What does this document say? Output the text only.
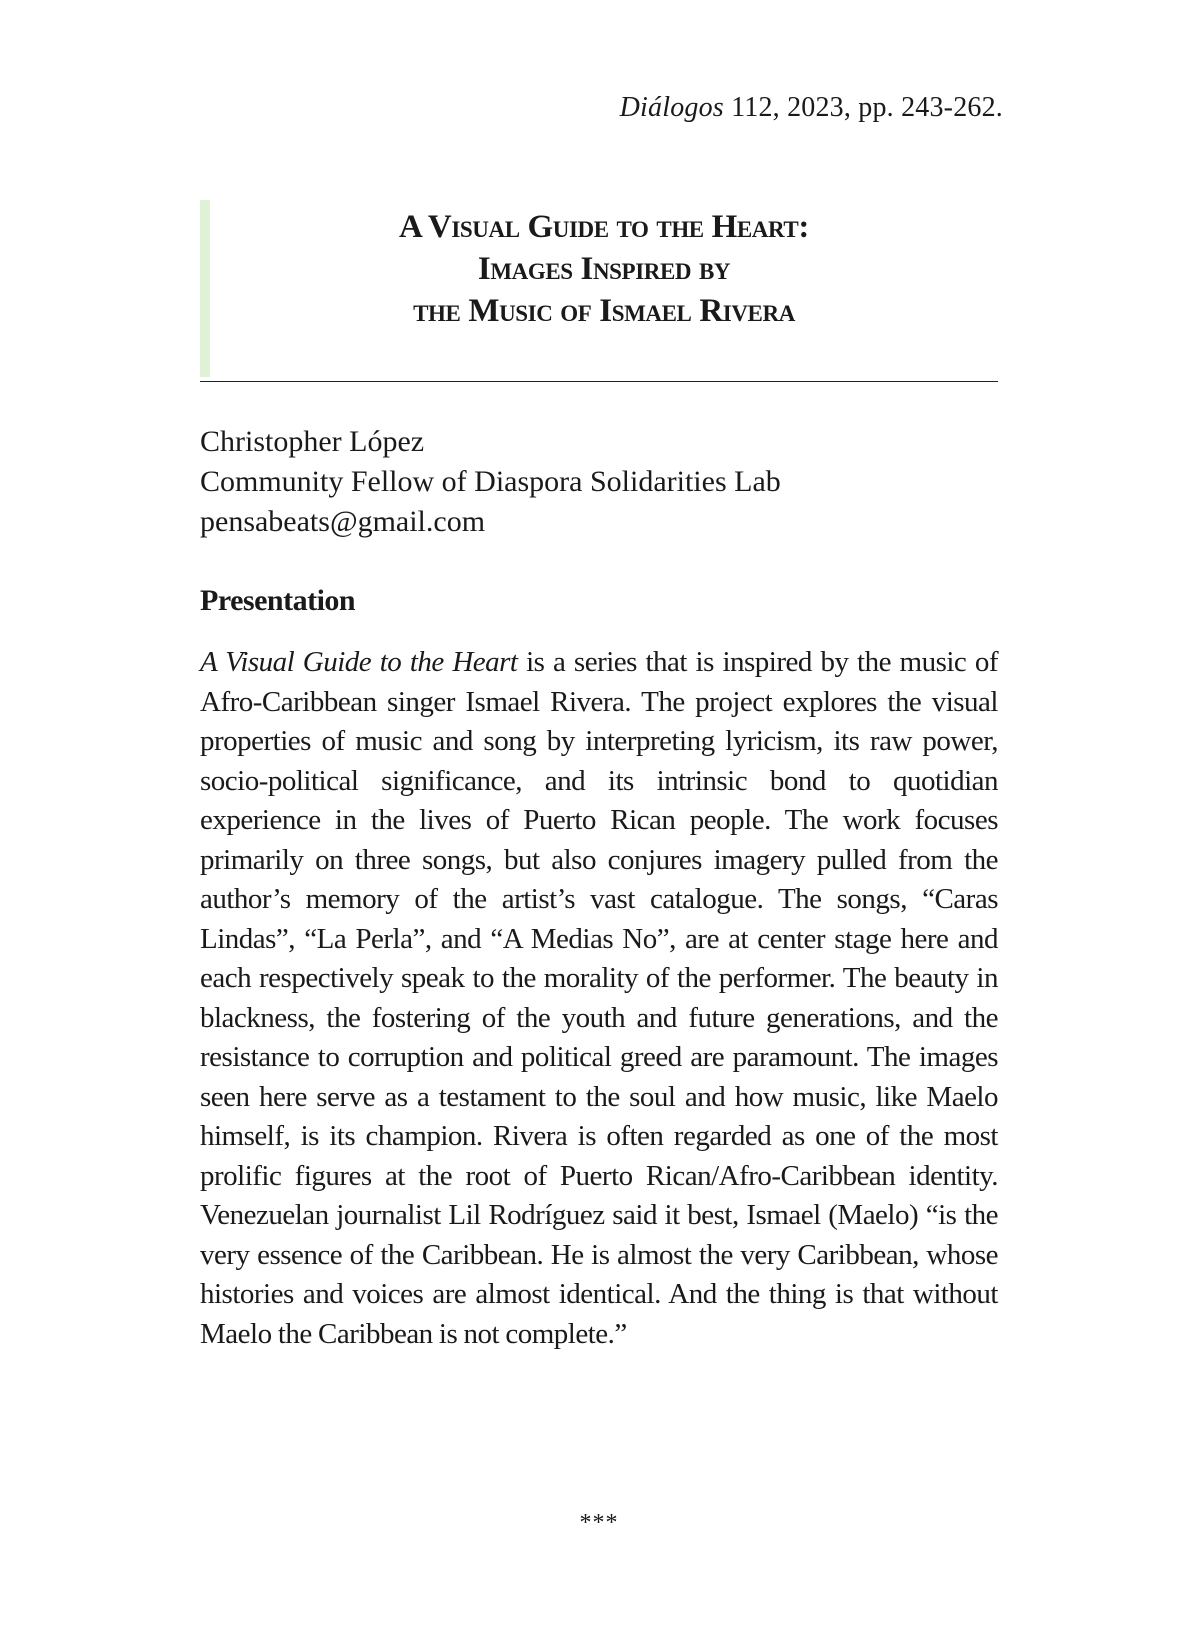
Diálogos 112, 2023, pp. 243-262.
A Visual Guide to the Heart:
Images Inspired by
the Music of Ismael Rivera
Christopher López
Community Fellow of Diaspora Solidarities Lab
pensabeats@gmail.com
Presentation
A Visual Guide to the Heart is a series that is inspired by the music of Afro-Caribbean singer Ismael Rivera. The project explores the visual properties of music and song by interpreting lyricism, its raw power, socio-political significance, and its intrinsic bond to quotidian experience in the lives of Puerto Rican people. The work focuses primarily on three songs, but also conjures imagery pulled from the author’s memory of the artist’s vast catalogue. The songs, “Caras Lindas”, “La Perla”, and “A Medias No”, are at center stage here and each respectively speak to the morality of the performer. The beauty in blackness, the fostering of the youth and future generations, and the resistance to corruption and political greed are paramount. The images seen here serve as a testament to the soul and how music, like Maelo himself, is its champion. Rivera is often regarded as one of the most prolific figures at the root of Puerto Rican/Afro-Caribbean identity. Venezuelan journalist Lil Rodríguez said it best, Ismael (Maelo) “is the very essence of the Caribbean. He is almost the very Caribbean, whose histories and voices are almost identical. And the thing is that without Maelo the Caribbean is not complete.”
***
